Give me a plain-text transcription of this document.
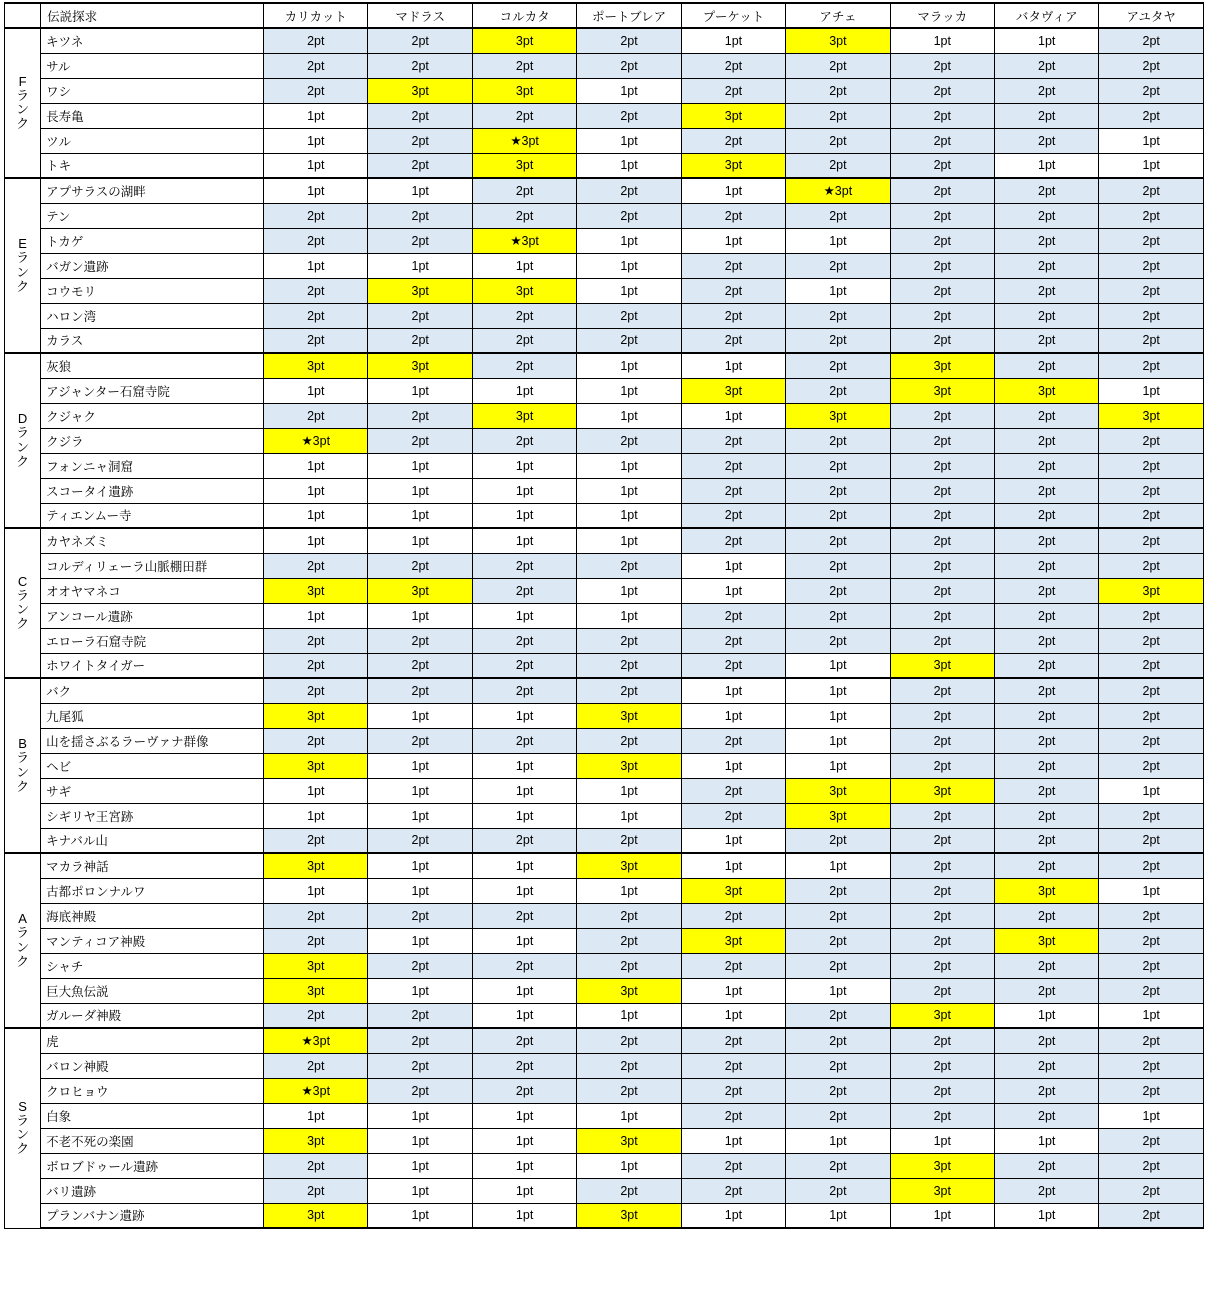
	伝説探求	カリカット	マドラス	コルカタ	ポートブレア	プーケット	アチェ	マラッカ	バタヴィア	アユタヤ

F
ラ
ン
ク	キツネ	2pt	2pt	3pt	2pt	1pt	3pt	1pt	1pt	2pt
	サル	2pt	2pt	2pt	2pt	2pt	2pt	2pt	2pt	2pt
	ワシ	2pt	3pt	3pt	1pt	2pt	2pt	2pt	2pt	2pt
	長寿亀	1pt	2pt	2pt	2pt	3pt	2pt	2pt	2pt	2pt
	ツル	1pt	2pt	★3pt	1pt	2pt	2pt	2pt	2pt	1pt
	トキ	1pt	2pt	3pt	1pt	3pt	2pt	2pt	1pt	1pt

E
ラ
ン
ク	アプサラスの湖畔	1pt	1pt	2pt	2pt	1pt	★3pt	2pt	2pt	2pt
	テン	2pt	2pt	2pt	2pt	2pt	2pt	2pt	2pt	2pt
	トカゲ	2pt	2pt	★3pt	1pt	1pt	1pt	2pt	2pt	2pt
	バガン遺跡	1pt	1pt	1pt	1pt	2pt	2pt	2pt	2pt	2pt
	コウモリ	2pt	3pt	3pt	1pt	2pt	1pt	2pt	2pt	2pt
	ハロン湾	2pt	2pt	2pt	2pt	2pt	2pt	2pt	2pt	2pt
	カラス	2pt	2pt	2pt	2pt	2pt	2pt	2pt	2pt	2pt

D
ラ
ン
ク	灰狼	3pt	3pt	2pt	1pt	1pt	2pt	3pt	2pt	2pt
	アジャンター石窟寺院	1pt	1pt	1pt	1pt	3pt	2pt	3pt	3pt	1pt
	クジャク	2pt	2pt	3pt	1pt	1pt	3pt	2pt	2pt	3pt
	クジラ	★3pt	2pt	2pt	2pt	2pt	2pt	2pt	2pt	2pt
	フォンニャ洞窟	1pt	1pt	1pt	1pt	2pt	2pt	2pt	2pt	2pt
	スコータイ遺跡	1pt	1pt	1pt	1pt	2pt	2pt	2pt	2pt	2pt
	ティエンムー寺	1pt	1pt	1pt	1pt	2pt	2pt	2pt	2pt	2pt

C
ラ
ン
ク	カヤネズミ	1pt	1pt	1pt	1pt	2pt	2pt	2pt	2pt	2pt
	コルディリェーラ山脈棚田群	2pt	2pt	2pt	2pt	1pt	2pt	2pt	2pt	2pt
	オオヤマネコ	3pt	3pt	2pt	1pt	1pt	2pt	2pt	2pt	3pt
	アンコール遺跡	1pt	1pt	1pt	1pt	2pt	2pt	2pt	2pt	2pt
	エローラ石窟寺院	2pt	2pt	2pt	2pt	2pt	2pt	2pt	2pt	2pt
	ホワイトタイガー	2pt	2pt	2pt	2pt	2pt	1pt	3pt	2pt	2pt

B
ラ
ン
ク	バク	2pt	2pt	2pt	2pt	1pt	1pt	2pt	2pt	2pt
	九尾狐	3pt	1pt	1pt	3pt	1pt	1pt	2pt	2pt	2pt
	山を揺さぶるラーヴァナ群像	2pt	2pt	2pt	2pt	2pt	1pt	2pt	2pt	2pt
	ヘビ	3pt	1pt	1pt	3pt	1pt	1pt	2pt	2pt	2pt
	サギ	1pt	1pt	1pt	1pt	2pt	3pt	3pt	2pt	1pt
	シギリヤ王宮跡	1pt	1pt	1pt	1pt	2pt	3pt	2pt	2pt	2pt
	キナバル山	2pt	2pt	2pt	2pt	1pt	2pt	2pt	2pt	2pt

A
ラ
ン
ク	マカラ神話	3pt	1pt	1pt	3pt	1pt	1pt	2pt	2pt	2pt
	古都ポロンナルワ	1pt	1pt	1pt	1pt	3pt	2pt	2pt	3pt	1pt
	海底神殿	2pt	2pt	2pt	2pt	2pt	2pt	2pt	2pt	2pt
	マンティコア神殿	2pt	1pt	1pt	2pt	3pt	2pt	2pt	3pt	2pt
	シャチ	3pt	2pt	2pt	2pt	2pt	2pt	2pt	2pt	2pt
	巨大魚伝説	3pt	1pt	1pt	3pt	1pt	1pt	2pt	2pt	2pt
	ガルーダ神殿	2pt	2pt	1pt	1pt	1pt	2pt	3pt	1pt	1pt

S
ラ
ン
ク	虎	★3pt	2pt	2pt	2pt	2pt	2pt	2pt	2pt	2pt
	バロン神殿	2pt	2pt	2pt	2pt	2pt	2pt	2pt	2pt	2pt
	クロヒョウ	★3pt	2pt	2pt	2pt	2pt	2pt	2pt	2pt	2pt
	白象	1pt	1pt	1pt	1pt	2pt	2pt	2pt	2pt	1pt
	不老不死の楽園	3pt	1pt	1pt	3pt	1pt	1pt	1pt	1pt	2pt
	ボロブドゥール遺跡	2pt	1pt	1pt	1pt	2pt	2pt	3pt	2pt	2pt
	バリ遺跡	2pt	1pt	1pt	2pt	2pt	2pt	3pt	2pt	2pt
	プランバナン遺跡	3pt	1pt	1pt	3pt	1pt	1pt	1pt	1pt	2pt
